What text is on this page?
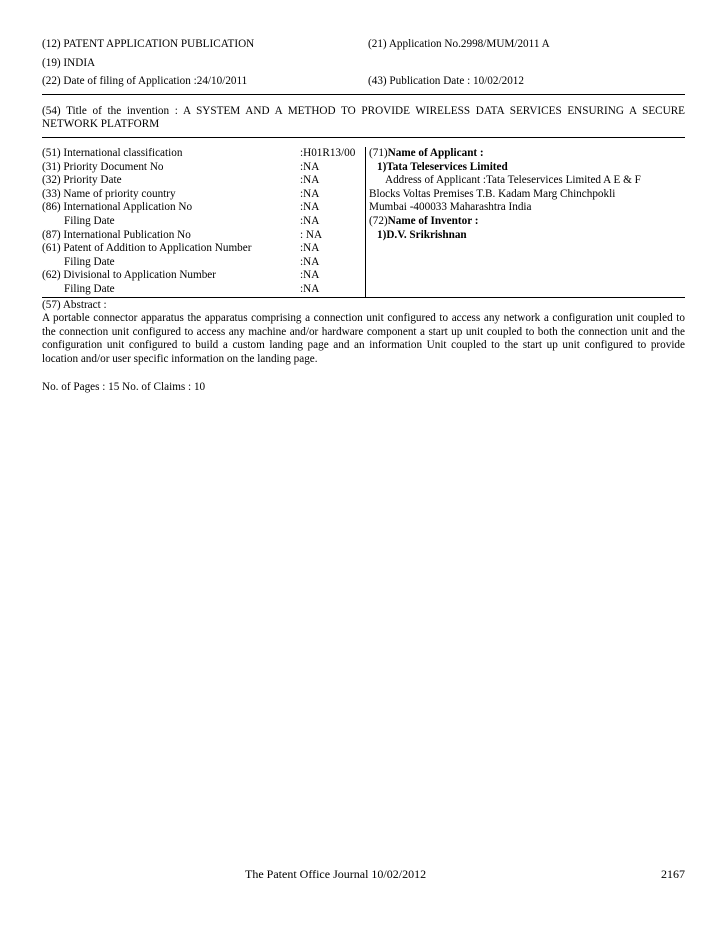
(12) PATENT APPLICATION PUBLICATION	(21) Application No.2998/MUM/2011 A
(19) INDIA
(22) Date of filing of Application :24/10/2011	(43) Publication Date : 10/02/2012
(54) Title of the invention : A SYSTEM AND A METHOD TO PROVIDE WIRELESS DATA SERVICES ENSURING A SECURE NETWORK PLATFORM
(51) International classification	:H01R13/00
(31) Priority Document No	:NA
(32) Priority Date	:NA
(33) Name of priority country	:NA
(86) International Application No	:NA
Filing Date	:NA
(87) International Publication No	: NA
(61) Patent of Addition to Application Number	:NA
Filing Date	:NA
(62) Divisional to Application Number	:NA
Filing Date	:NA
(71)Name of Applicant :
1)Tata Teleservices Limited
Address of Applicant :Tata Teleservices Limited A E & F
Blocks Voltas Premises T.B. Kadam Marg Chinchpokli
Mumbai -400033 Maharashtra India
(72)Name of Inventor :
1)D.V. Srikrishnan
(57) Abstract :
A portable connector apparatus the apparatus comprising a connection unit configured to access any network a configuration unit coupled to the connection unit configured to access any machine and/or hardware component a start up unit coupled to both the connection unit and the configuration unit configured to build a custom landing page and an information Unit coupled to the start up unit configured to provide location and/or user specific information on the landing page.
No. of Pages : 15 No. of Claims : 10
The Patent Office Journal 10/02/2012	2167
